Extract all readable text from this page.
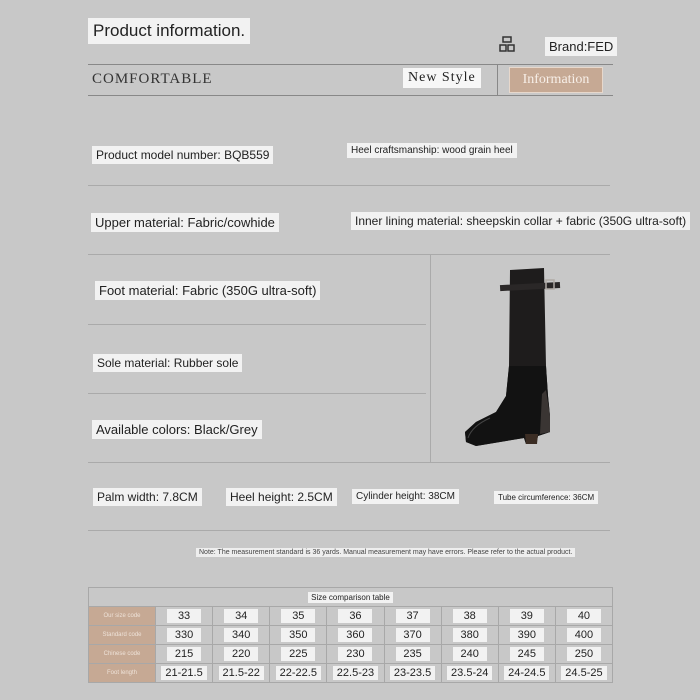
Product information.
Brand:FED
COMFORTABLE	New Style	Information
Product model number: BQB559	Heel craftsmanship: wood grain heel
Upper material: Fabric/cowhide	Inner lining material: sheepskin collar + fabric (350G ultra-soft)
Foot material: Fabric (350G ultra-soft)
Sole material: Rubber sole
Available colors: Black/Grey
Palm width: 7.8CM	Heel height: 2.5CM	Cylinder height: 38CM	Tube circumference: 36CM
Note: The measurement standard is 36 yards. Manual measurement may have errors. Please refer to the actual product.
Size comparison table								
Our size code	33	34	35	36	37	38	39	40
Standard code	330	340	350	360	370	380	390	400
Chinese code	215	220	225	230	235	240	245	250
Foot length	21-21.5	21.5-22	22-22.5	22.5-23	23-23.5	23.5-24	24-24.5	24.5-25
